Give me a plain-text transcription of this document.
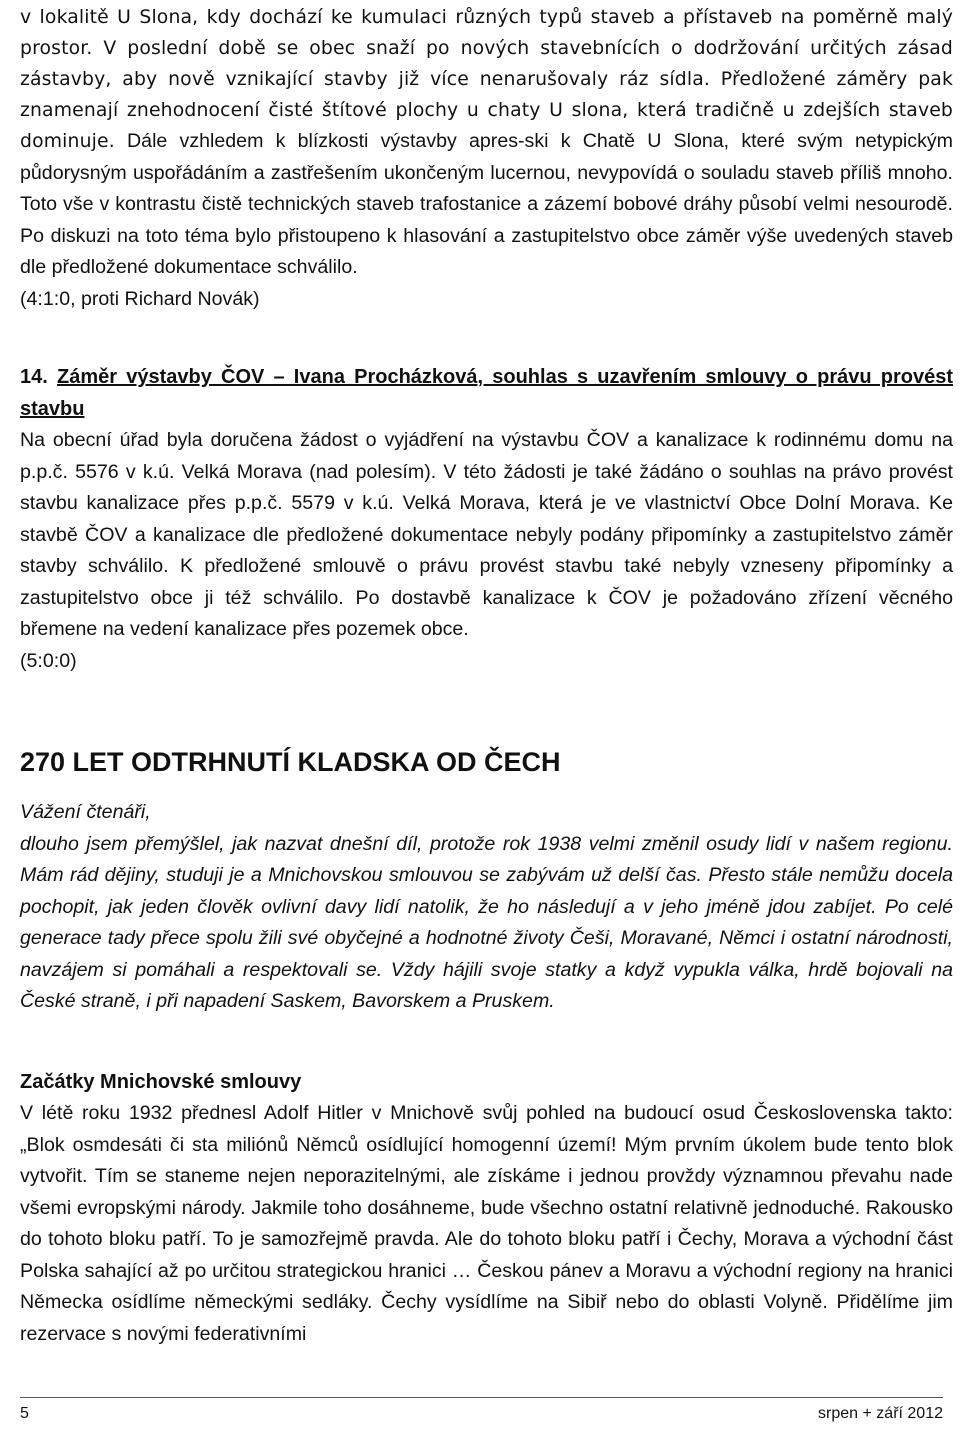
v lokalitě U Slona, kdy dochází ke kumulaci různých typů staveb a přístaveb na poměrně malý prostor. V poslední době se obec snaží po nových stavebnících o dodržování určitých zásad zástavby, aby nově vznikající stavby již více nenarušovaly ráz sídla. Předložené záměry pak znamenají znehodnocení čisté štítové plochy u chaty U slona, která tradičně u zdejších staveb dominuje. Dále vzhledem k blízkosti výstavby apres-ski k Chatě U Slona, které svým netypickým půdorysným uspořádáním a zastřešením ukončeným lucernou, nevypovídá o souladu staveb příliš mnoho. Toto vše v kontrastu čistě technických staveb trafostanice a zázemí bobové dráhy působí velmi nesourodě. Po diskuzi na toto téma bylo přistoupeno k hlasování a zastupitelstvo obce záměr výše uvedených staveb dle předložené dokumentace schválilo.
(4:1:0, proti Richard Novák)

14. Záměr výstavby ČOV – Ivana Procházková, souhlas s uzavřením smlouvy o právu provést stavbu

Na obecní úřad byla doručena žádost o vyjádření na výstavbu ČOV a kanalizace k rodinnému domu na p.p.č. 5576 v k.ú. Velká Morava (nad polesím). V této žádosti je také žádáno o souhlas na právo provést stavbu kanalizace přes p.p.č. 5579 v k.ú. Velká Morava, která je ve vlastnictví Obce Dolní Morava. Ke stavbě ČOV a kanalizace dle předložené dokumentace nebyly podány připomínky a zastupitelstvo záměr stavby schválilo. K předložené smlouvě o právu provést stavbu také nebyly vzneseny připomínky a zastupitelstvo obce ji též schválilo. Po dostavbě kanalizace k ČOV je požadováno zřízení věcného břemene na vedení kanalizace přes pozemek obce.

(5:0:0)

270 LET ODTRHNUTÍ KLADSKA OD ČECH

Vážení čtenáři,

dlouho jsem přemýšlel, jak nazvat dnešní díl, protože rok 1938 velmi změnil osudy lidí v našem regionu. Mám rád dějiny, studuji je a Mnichovskou smlouvou se zabývám už delší čas. Přesto stále nemůžu docela pochopit, jak jeden člověk ovlivní davy lidí natolik, že ho následují a v jeho jméně jdou zabíjet. Po celé generace tady přece spolu žili své obyčejné a hodnotné životy Češi, Moravané, Němci i ostatní národnosti, navzájem si pomáhali a respektovali se. Vždy hájili svoje statky a když vypukla válka, hrdě bojovali na České straně, i při napadení Saskem, Bavorskem a Pruskem.

Začátky Mnichovské smlouvy

V létě roku 1932 přednesl Adolf Hitler v Mnichově svůj pohled na budoucí osud Československa takto: „Blok osmdesáti či sta miliónů Němců osídlující homogenní území! Mým prvním úkolem bude tento blok vytvořit. Tím se staneme nejen neporazitelnými, ale získáme i jednou provždy významnou převahu nade všemi evropskými národy. Jakmile toho dosáhneme, bude všechno ostatní relativně jednoduché. Rakousko do tohoto bloku patří. To je samozřejmě pravda. Ale do tohoto bloku patří i Čechy, Morava a východní část Polska sahající až po určitou strategickou hranici … Českou pánev a Moravu a východní regiony na hranici Německa osídlíme německými sedláky. Čechy vysídlíme na Sibiř nebo do oblasti Volyně. Přidělíme jim rezervace s novými federativními

5	srpen + září 2012
